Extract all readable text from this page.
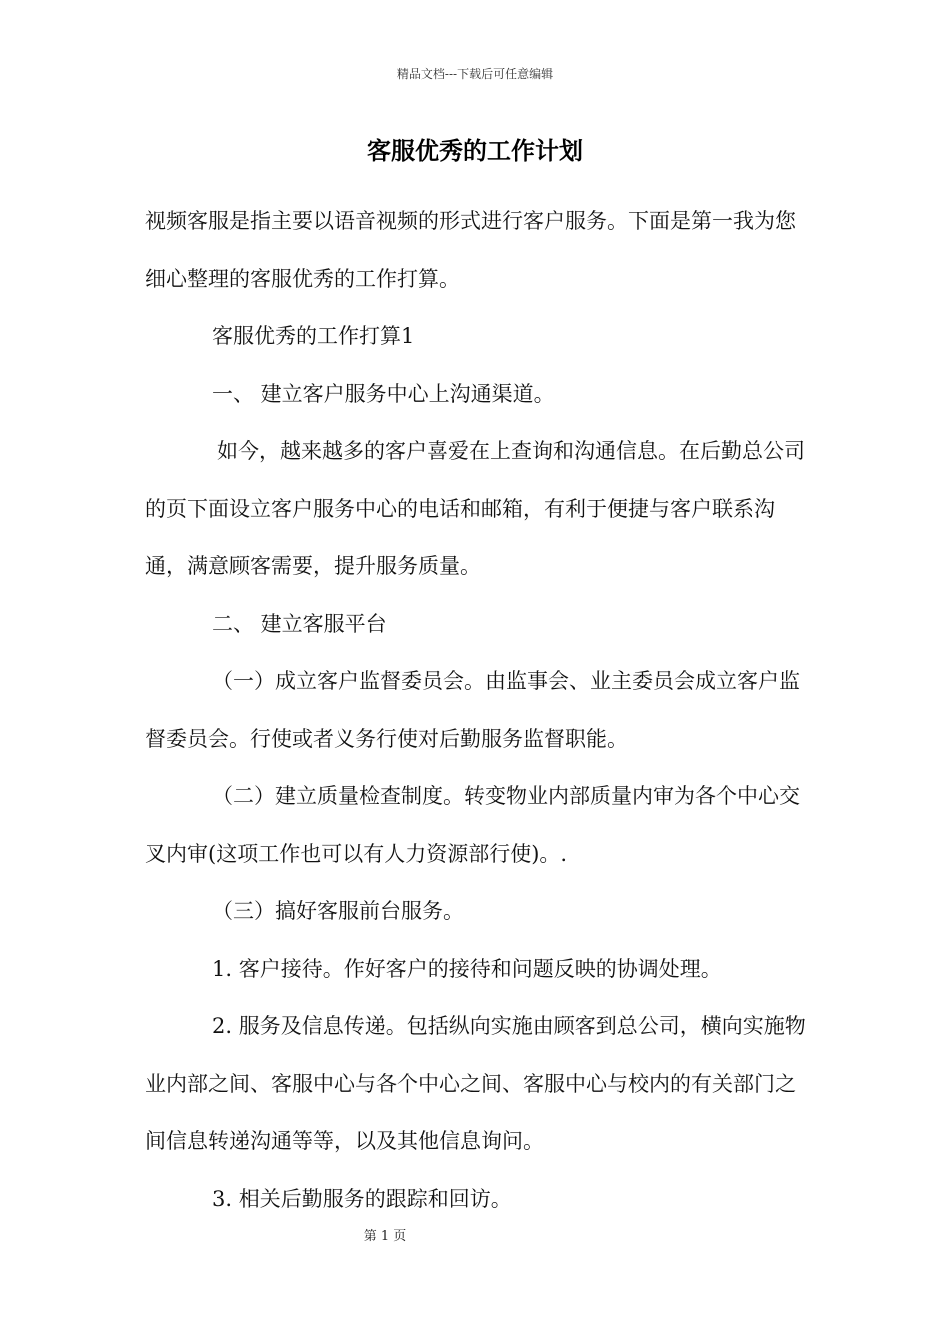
精品文档---下载后可任意编辑
客服优秀的工作计划

视频客服是指主要以语音视频的形式进行客户服务。下面是第一我为您细心整理的客服优秀的工作打算。

客服优秀的工作打算1

一、 建立客户服务中心上沟通渠道。

如今，越来越多的客户喜爱在上查询和沟通信息。在后勤总公司的页下面设立客户服务中心的电话和邮箱，有利于便捷与客户联系沟通，满意顾客需要，提升服务质量。

二、 建立客服平台

（一）成立客户监督委员会。由监事会、业主委员会成立客户监督委员会。行使或者义务行使对后勤服务监督职能。

（二）建立质量检查制度。转变物业内部质量内审为各个中心交叉内审(这项工作也可以有人力资源部行使)。.

（三）搞好客服前台服务。

1. 客户接待。作好客户的接待和问题反映的协调处理。

2. 服务及信息传递。包括纵向实施由顾客到总公司，横向实施物业内部之间、客服中心与各个中心之间、客服中心与校内的有关部门之间信息转递沟通等等，以及其他信息询问。

3. 相关后勤服务的跟踪和回访。

第 1 页
